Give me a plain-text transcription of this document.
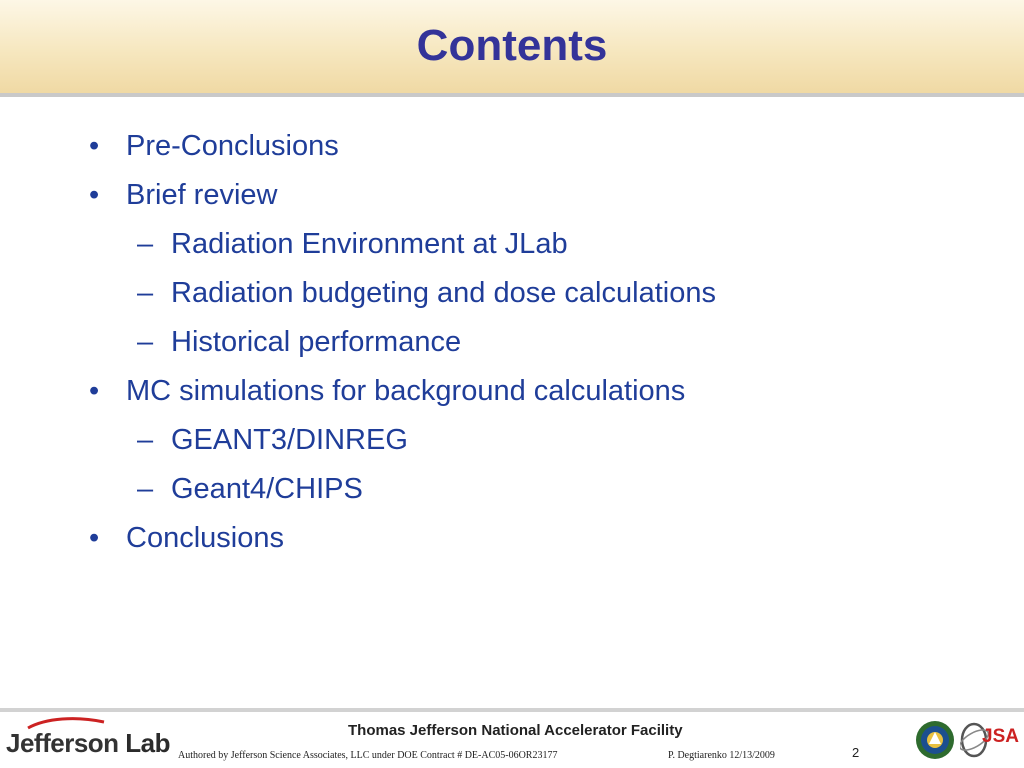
Contents
• Pre-Conclusions
• Brief review
– Radiation Environment at JLab
– Radiation budgeting and dose calculations
– Historical performance
• MC simulations for background calculations
– GEANT3/DINREG
– Geant4/CHIPS
• Conclusions
Jefferson Lab	Thomas Jefferson National Accelerator Facility
Authored by Jefferson Science Associates, LLC under DOE Contract # DE-AC05-06OR23177	P. Degtiarenko 12/13/2009	2
JSA
